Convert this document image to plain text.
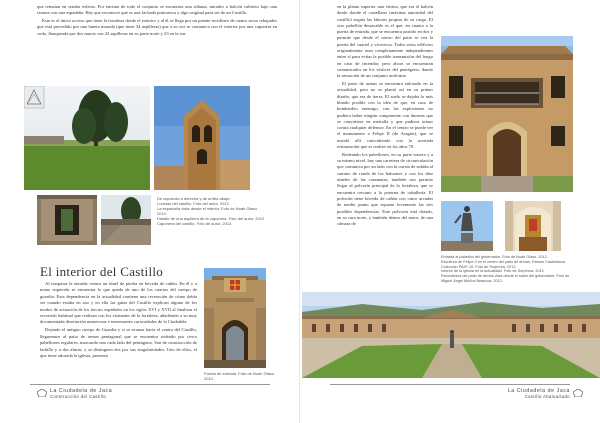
que rematan en sendas esferas. Por encima de todo el conjunto se encuentra una tribuna, mirador o balcón cubierto bajo una cimera con una espadaña. Hay que reconocer que es una fachada pintoresca y algo original para ser de un Castillo.

Este es el único acceso que tiene la fortaleza desde el exterior y al él se llega por un puente rectilíneo de cuatro arcos rebajados que está precedido por una luneta murada (que tiene 34 aspilleras) que a su vez se comunica con el exterior por una caponera en codo, flanqueada por dos muros con 22 aspilleras en su parte norte y 23 en la sur.

De izquierda a derecha y de arriba abajo:
Lunetas del castillo. Foto del autor. 2012.
La espadaña vista desde el interior. Foto de Noah Olasu.
2012.
Detalle de una aspillera de la caponera. Foto del autor. 2012.
Caponera del castillo. Foto de autor. 2012.
El interior del Castillo

Al traspasar la entrada vemos un túnel de piedra en bóveda de cañón. En él y a mano izquierda se encuentra lo que queda de uno de los cuartos del cuerpo de guardia. Esta dependencia en la actualidad contiene una recreación de cómo debía ser cuando estaba en uso y en ella las guías del Castillo explican alguno de los modos de actuación de los tercios españoles en los siglos XVI y XVII al finalizar el recorrido habitual que realizan con los visitantes de la fortaleza, añadiendo a su muy documentada disertación numerosas e interesantes curiosidades de la Ciudadela.

Dejando el antiguo cuerpo de Guardia y si se avanza hacia el centro del Castillo, llegaremos al patio de armas pentagonal que se encuentra rodeado por cinco pabellones regulares, marcando uno cada lado del pentágono. Son de construcción de ladrillo y a dos aluras, y se distinguen dos por sus singularidades. Uno de ellos, el que tiene adosada la iglesia, presenta

Puerta de entrada. Foto de Noah Olasu. 2012.
La Ciudadela de Jaca
Construcción del Castillo

en la planta superior una vitrina, que era el balcón desde donde el castellano (máxima autoridad del castillo) seguía las labores propias de su cargo. El otro pabellón destacable es el que, en cuanto a la puerta de entrada, que se encuentra partido en dos y permite que desde el centro del patio se vea la puerta del cuartel y viceversa. Todos estos edificios originalmente eran completamente independientes entre sí para evitar la posible transmisión del fuego en caso de incendio; pero ahora se encuentran comunicados en los vértices del pentágono, dando la sensación de un conjunto uniforme.

El patio de armas se encuentra enlosado en la actualidad, pero no se plantó así en su primer diseño, que era de tierra. El suelo se dejaba lo más blando posible con la idea de que, en caso de bombardeo enemigo, con las explosiones no pudiera haber ningún componente con durezas que se convirtiera en metralla y que pudiera actuar contra cualquier defensor. En el centro se puede ver el monumento a Felipe II (de Aragón), que se instaló allí coincidiendo con la acertada restauración que se realizó en los años 70.

Rodeando los pabellones, en su parte trasera y a su mismo nivel, hay una carretera de circunvalación que comunica por un lado con la cuesta de subida al camino de ronda de los baluartes y con los diez túneles de las casamatas; también nos permite llegar al polvorín principal de la fortaleza, que se encuentra cercano a la poterna de caballería. El polvorín tiene bóveda de cañón con cinco arcadas de medio punto que separan levemente las tres posibles dependencias. Este polvorín está dotado, en su cara norte, y también dentro del muro, de una cámara de

Entrada al pabellón del gobernador. Foto de Noah Olasu. 2012.
Escultura de Felipe II en el centro del patio de armas. Ramón Castellanos.
Colección PAJF-10. Foto de Sorphora. 2012.
Interior de la iglesia en la actualidad. Foto de Sorphora. 2012.
Panorámica del patio de armas vista desde el salón del gobernador. Foto de
Miguel Ángel Muñoz Beascoa. 2012.
La Ciudadela de Jaca
Castillo Abaluartado
